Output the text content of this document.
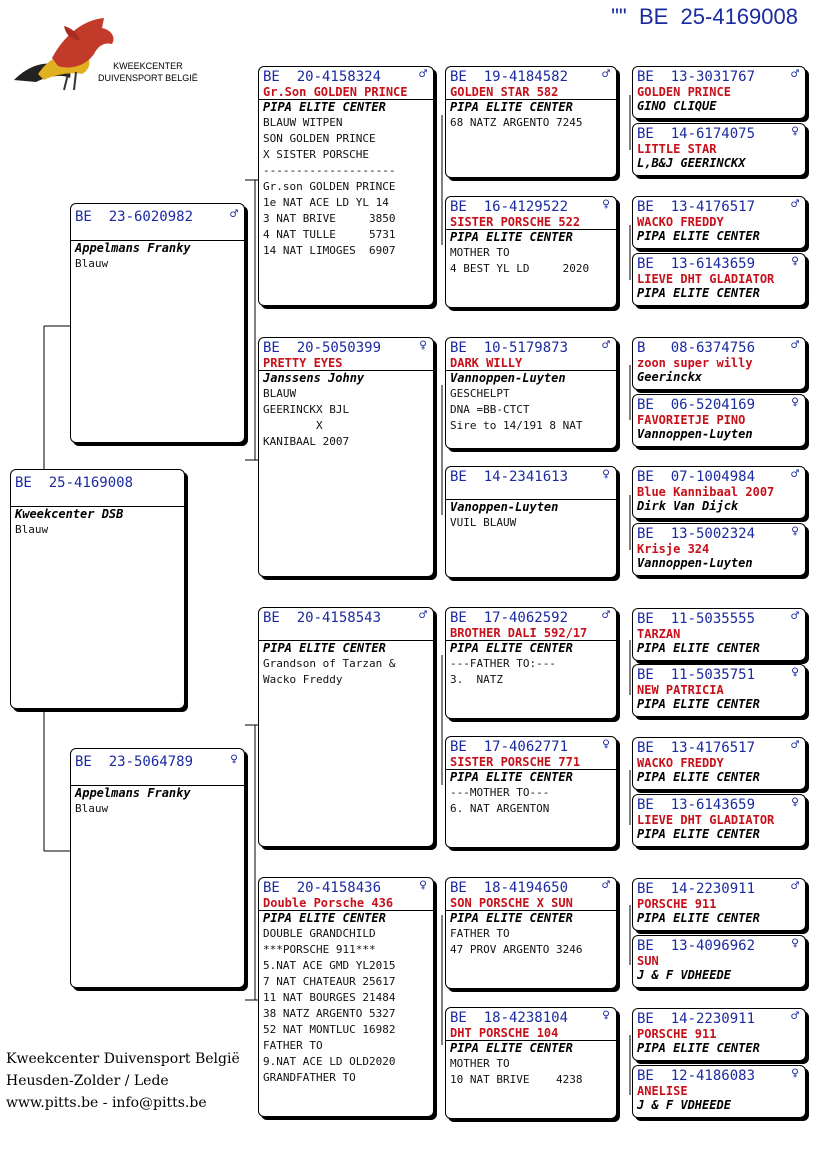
KWEEKCENTER
DUIVENSPORT BELGIË
"" BE  25-4169008
BE  25-4169008
Kweekcenter DSB
Blauw
BE  23-6020982	♂
Appelmans Franky
Blauw
BE  23-5064789	♀
Appelmans Franky
Blauw
BE  20-4158324	♂
Gr.Son GOLDEN PRINCE
PIPA ELITE CENTER
BLAUW WITPEN
SON GOLDEN PRINCE
X SISTER PORSCHE
--------------------
Gr.son GOLDEN PRINCE
1e NAT ACE LD YL 14
3 NAT BRIVE     3850
4 NAT TULLE     5731
14 NAT LIMOGES  6907
BE  20-5050399	♀
PRETTY EYES
Janssens Johny
BLAUW
GEERINCKX BJL
X
KANIBAAL 2007
BE  20-4158543	♂
PIPA ELITE CENTER
Grandson of Tarzan &
Wacko Freddy
BE  20-4158436	♀
Double Porsche 436
PIPA ELITE CENTER
DOUBLE GRANDCHILD
***PORSCHE 911***
5.NAT ACE GMD YL2015
7 NAT CHATEAUR 25617
11 NAT BOURGES 21484
38 NATZ ARGENTO 5327
52 NAT MONTLUC 16982
FATHER TO
9.NAT ACE LD OLD2020
GRANDFATHER TO
BE  19-4184582	♂
GOLDEN STAR 582
PIPA ELITE CENTER
68 NATZ ARGENTO 7245
BE  16-4129522	♀
SISTER PORSCHE 522
PIPA ELITE CENTER
MOTHER TO
4 BEST YL LD     2020
BE  10-5179873	♂
DARK WILLY
Vannoppen-Luyten
GESCHELPT
DNA =BB-CTCT
Sire to 14/191 8 NAT
BE  14-2341613	♀
Vanoppen-Luyten
VUIL BLAUW
BE  17-4062592	♂
BROTHER DALI 592/17
PIPA ELITE CENTER
---FATHER TO:---
3.  NATZ
BE  17-4062771	♀
SISTER PORSCHE 771
PIPA ELITE CENTER
---MOTHER TO---
6. NAT ARGENTON
BE  18-4194650	♂
SON PORSCHE X SUN
PIPA ELITE CENTER
FATHER TO
47 PROV ARGENTO 3246
BE  18-4238104	♀
DHT PORSCHE 104
PIPA ELITE CENTER
MOTHER TO
10 NAT BRIVE    4238
BE  13-3031767	♂
GOLDEN PRINCE
GINO CLIQUE
BE  14-6174075	♀
LITTLE STAR
L,B&J GEERINCKX
BE  13-4176517	♂
WACKO FREDDY
PIPA ELITE CENTER
BE  13-6143659	♀
LIEVE DHT GLADIATOR
PIPA ELITE CENTER
B   08-6374756	♂
zoon super willy
Geerinckx
BE  06-5204169	♀
FAVORIETJE PINO
Vannoppen-Luyten
BE  07-1004984	♂
Blue Kannibaal 2007
Dirk Van Dijck
BE  13-5002324	♀
Krisje 324
Vannoppen-Luyten
BE  11-5035555	♂
TARZAN
PIPA ELITE CENTER
BE  11-5035751	♀
NEW PATRICIA
PIPA ELITE CENTER
BE  13-4176517	♂
WACKO FREDDY
PIPA ELITE CENTER
BE  13-6143659	♀
LIEVE DHT GLADIATOR
PIPA ELITE CENTER
BE  14-2230911	♂
PORSCHE 911
PIPA ELITE CENTER
BE  13-4096962	♀
SUN
J & F VDHEEDE
BE  14-2230911	♂
PORSCHE 911
PIPA ELITE CENTER
BE  12-4186083	♀
ANELISE
J & F VDHEEDE
Kweekcenter Duivensport België
Heusden-Zolder / Lede
www.pitts.be - info@pitts.be
